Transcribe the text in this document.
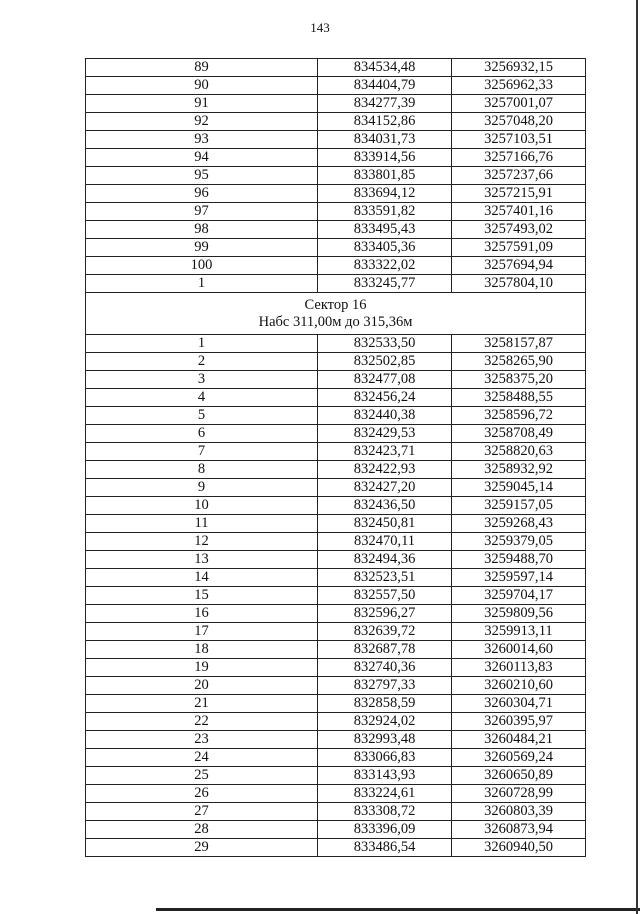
143
89	834534,48	3256932,15
90	834404,79	3256962,33
91	834277,39	3257001,07
92	834152,86	3257048,20
93	834031,73	3257103,51
94	833914,56	3257166,76
95	833801,85	3257237,66
96	833694,12	3257215,91
97	833591,82	3257401,16
98	833495,43	3257493,02
99	833405,36	3257591,09
100	833322,02	3257694,94
1	833245,77	3257804,10

Сектор 16
Набс 311,00м до 315,36м		

1	832533,50	3258157,87
2	832502,85	3258265,90
3	832477,08	3258375,20
4	832456,24	3258488,55
5	832440,38	3258596,72
6	832429,53	3258708,49
7	832423,71	3258820,63
8	832422,93	3258932,92
9	832427,20	3259045,14
10	832436,50	3259157,05
11	832450,81	3259268,43
12	832470,11	3259379,05
13	832494,36	3259488,70
14	832523,51	3259597,14
15	832557,50	3259704,17
16	832596,27	3259809,56
17	832639,72	3259913,11
18	832687,78	3260014,60
19	832740,36	3260113,83
20	832797,33	3260210,60
21	832858,59	3260304,71
22	832924,02	3260395,97
23	832993,48	3260484,21
24	833066,83	3260569,24
25	833143,93	3260650,89
26	833224,61	3260728,99
27	833308,72	3260803,39
28	833396,09	3260873,94
29	833486,54	3260940,50
